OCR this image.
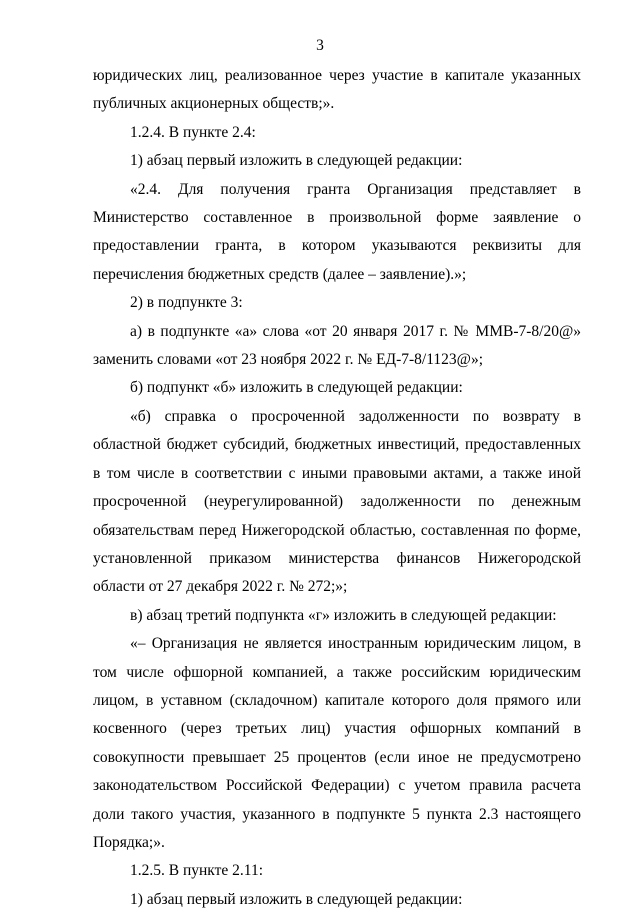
3

юридических лиц, реализованное через участие в капитале указанных публичных акционерных обществ;».

1.2.4. В пункте 2.4:

1) абзац первый изложить в следующей редакции:

«2.4. Для получения гранта Организация представляет в Министерство составленное в произвольной форме заявление о предоставлении гранта, в котором указываются реквизиты для перечисления бюджетных средств (далее – заявление).»;

2) в подпункте 3:

а) в подпункте «а» слова «от 20 января 2017 г. № ММВ-7-8/20@» заменить словами «от 23 ноября 2022 г. № ЕД-7-8/1123@»;

б) подпункт «б» изложить в следующей редакции:

«б) справка о просроченной задолженности по возврату в областной бюджет субсидий, бюджетных инвестиций, предоставленных в том числе в соответствии с иными правовыми актами, а также иной просроченной (неурегулированной) задолженности по денежным обязательствам перед Нижегородской областью, составленная по форме, установленной приказом министерства финансов Нижегородской области от 27 декабря 2022 г. № 272;»;

в) абзац третий подпункта «г» изложить в следующей редакции:

«– Организация не является иностранным юридическим лицом, в том числе офшорной компанией, а также российским юридическим лицом, в уставном (складочном) капитале которого доля прямого или косвенного (через третьих лиц) участия офшорных компаний в совокупности превышает 25 процентов (если иное не предусмотрено законодательством Российской Федерации) с учетом правила расчета доли такого участия, указанного в подпункте 5 пункта 2.3 настоящего Порядка;».

1.2.5. В пункте 2.11:

1) абзац первый изложить в следующей редакции:
